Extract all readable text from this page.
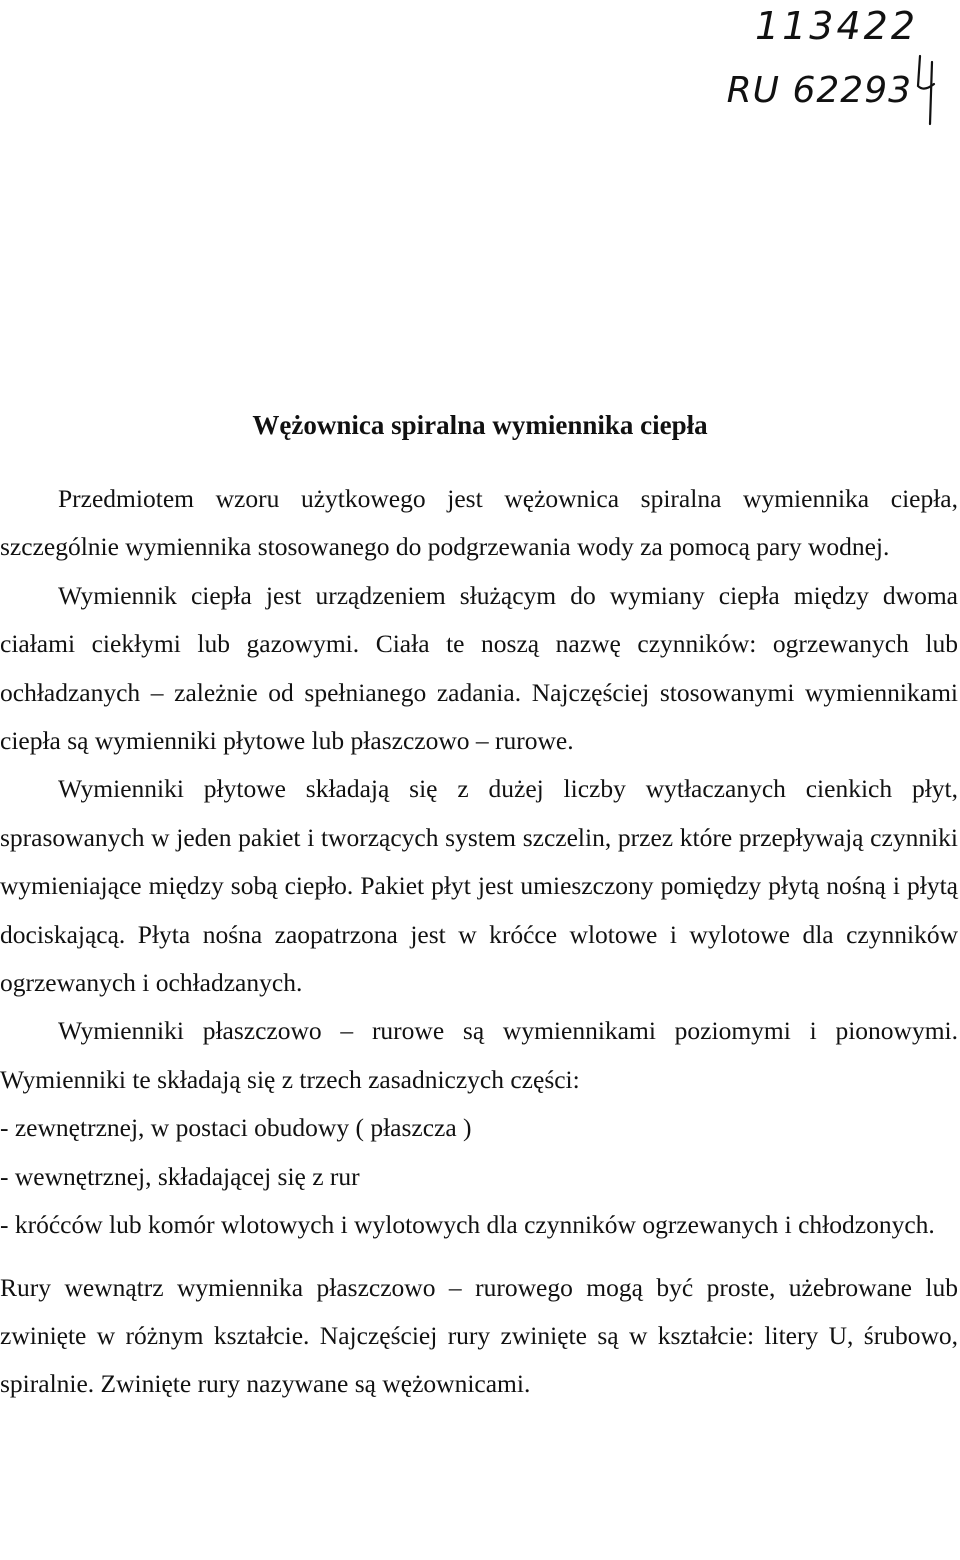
113422
RU 62293
Wężownica spiralna wymiennika ciepła

Przedmiotem wzoru użytkowego jest wężownica spiralna wymiennika ciepła, szczególnie wymiennika stosowanego do podgrzewania wody za pomocą pary wodnej.

Wymiennik ciepła jest urządzeniem służącym do wymiany ciepła między dwoma ciałami ciekłymi lub gazowymi. Ciała te noszą nazwę czynników: ogrzewanych lub ochładzanych – zależnie od spełnianego zadania. Najczęściej stosowanymi wymiennikami ciepła są wymienniki płytowe lub płaszczowo – rurowe.

Wymienniki płytowe składają się z dużej liczby wytłaczanych cienkich płyt, sprasowanych w jeden pakiet i tworzących system szczelin, przez które przepływają czynniki wymieniające między sobą ciepło. Pakiet płyt jest umieszczony pomiędzy płytą nośną i płytą dociskającą. Płyta nośna zaopatrzona jest w króćce wlotowe i wylotowe dla czynników ogrzewanych i ochładzanych.

Wymienniki płaszczowo – rurowe są wymiennikami poziomymi i pionowymi. Wymienniki te składają się z trzech zasadniczych części:

- zewnętrznej, w postaci obudowy ( płaszcza )
- wewnętrznej, składającej się z rur
- króćców lub komór wlotowych i wylotowych dla czynników ogrzewanych i chłodzonych.

Rury wewnątrz wymiennika płaszczowo – rurowego mogą być proste, użebrowane lub zwinięte w różnym kształcie. Najczęściej rury zwinięte są w kształcie: litery U, śrubowo, spiralnie. Zwinięte rury nazywane są wężownicami.
